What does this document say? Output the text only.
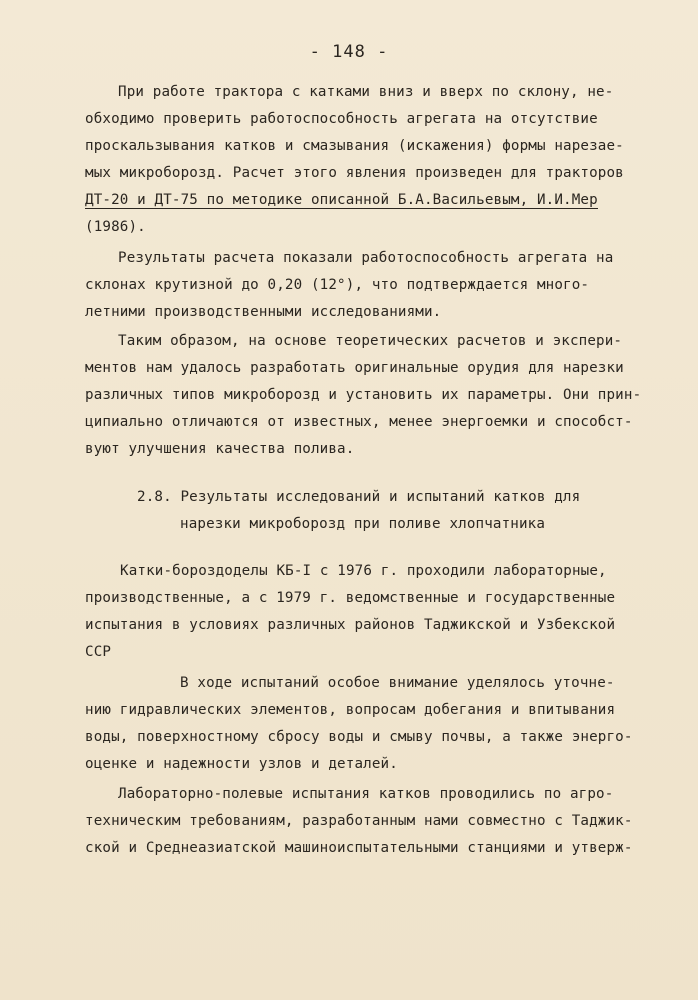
- 148 -
При работе трактора с катками вниз и вверх по склону, не-
обходимо проверить работоспособность агрегата на отсутствие
проскальзывания катков и смазывания (искажения) формы нарезае-
мых микроборозд. Расчет этого явления произведен для тракторов
ДТ-20 и ДТ-75 по методике описанной Б.А.Васильевым, И.И.Мер
(1986).
Результаты расчета показали работоспособность агрегата на
склонах крутизной до 0,20 (12°), что подтверждается много-
летними производственными исследованиями.
Таким образом, на основе теоретических расчетов и экспери-
ментов нам удалось разработать оригинальные орудия для нарезки
различных типов микроборозд и установить их параметры. Они прин-
ципиально отличаются от известных, менее энергоемки и способст-
вуют улучшения качества полива.
2.8. Результаты исследований и испытаний катков для
нарезки микроборозд при поливе хлопчатника
Катки-бороздоделы КБ-I с 1976 г. проходили лабораторные,
производственные, а с 1979 г. ведомственные и государственные
испытания в условиях различных районов Таджикской и Узбекской
ССР
В ходе испытаний особое внимание уделялось уточне-
нию гидравлических элементов, вопросам добегания и впитывания
воды, поверхностному сбросу воды и смыву почвы, а также энерго-
оценке и надежности узлов и деталей.
Лабораторно-полевые испытания катков проводились по агро-
техническим требованиям, разработанным нами совместно с Таджик-
ской и Среднеазиатской машиноиспытательными станциями и утверж-
